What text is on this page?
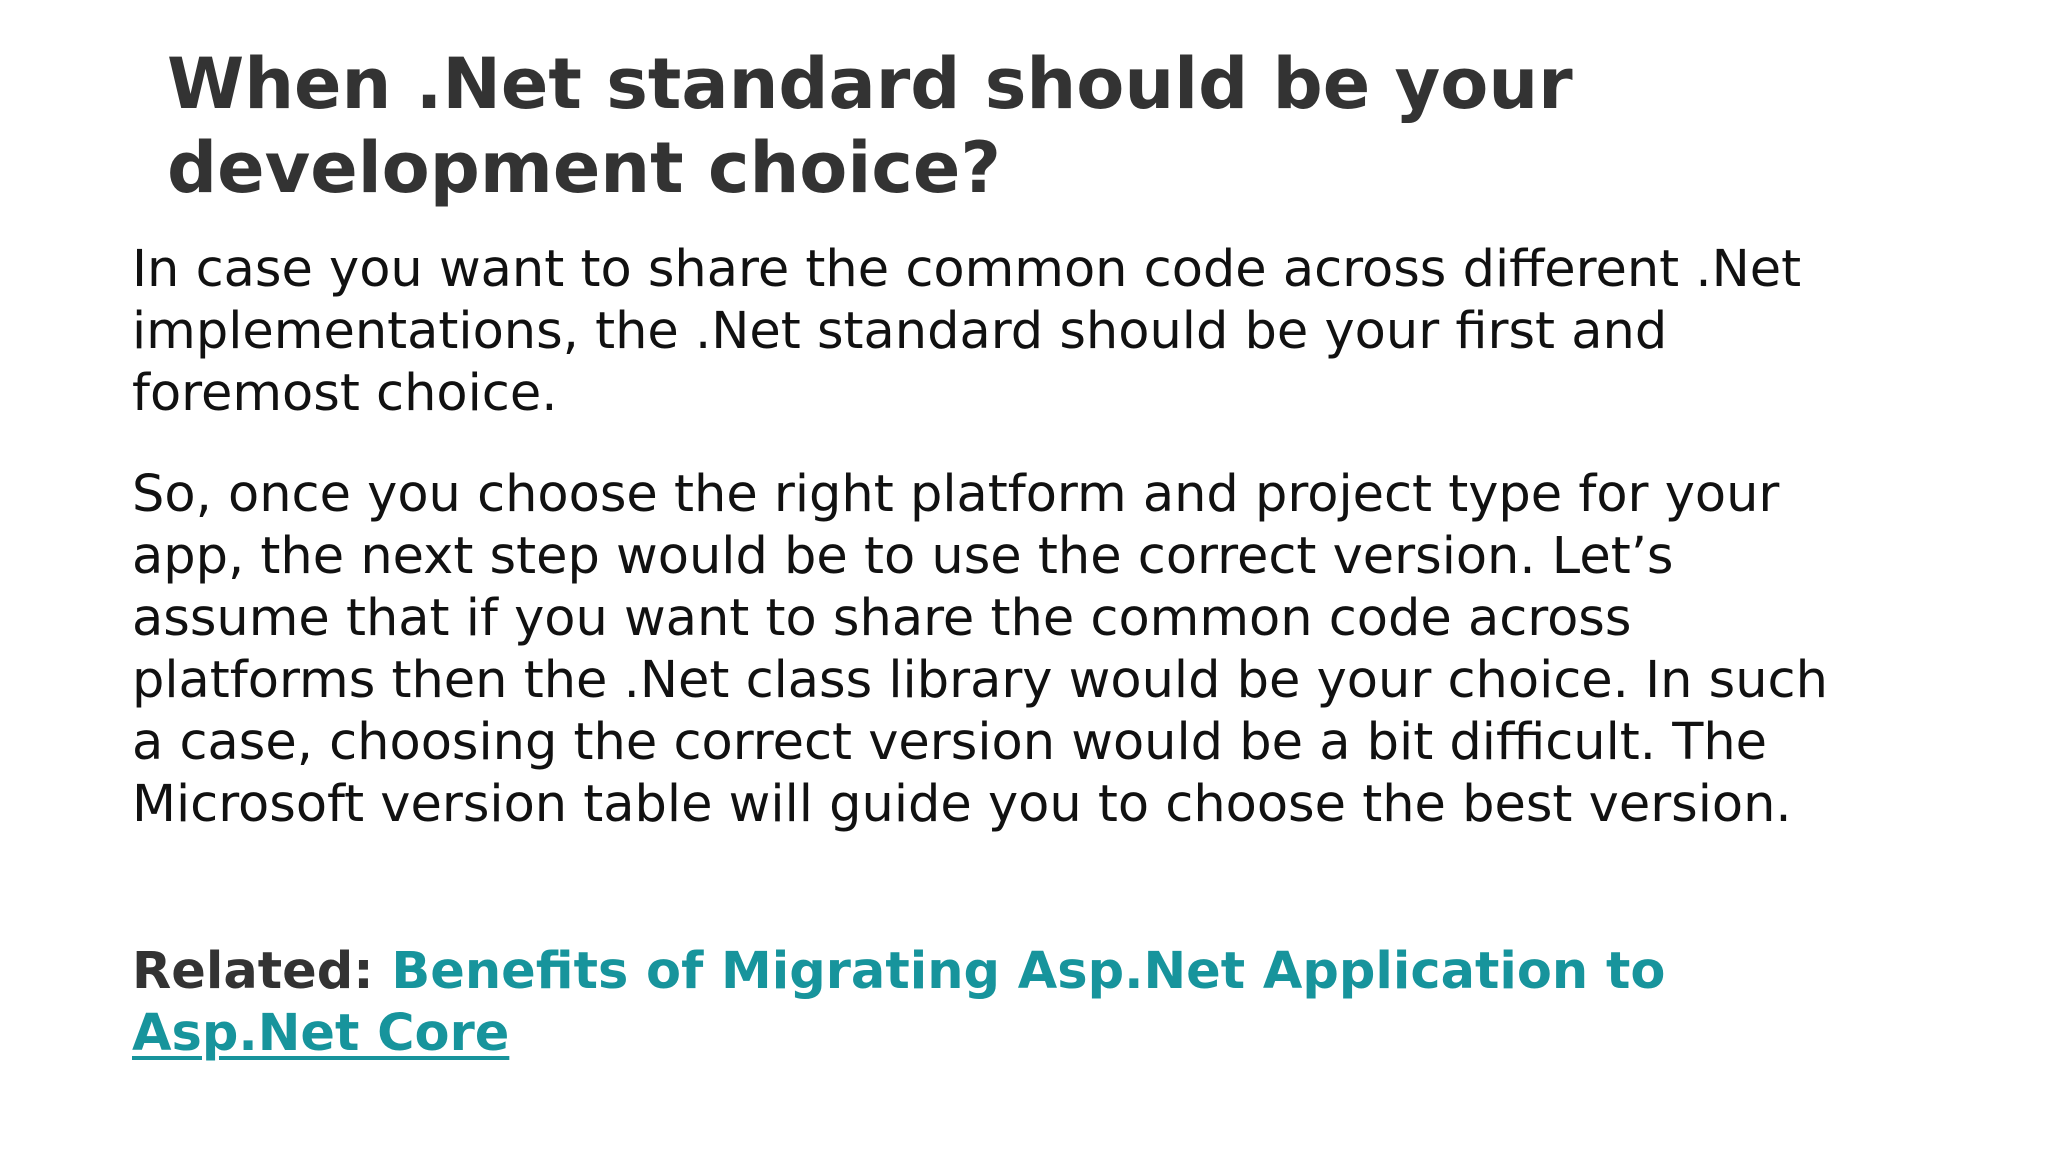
When .Net standard should be your
development choice?

In case you want to share the common code across different .Net
implementations, the .Net standard should be your first and
foremost choice.

So, once you choose the right platform and project type for your
app, the next step would be to use the correct version. Let’s
assume that if you want to share the common code across
platforms then the .Net class library would be your choice. In such
a case, choosing the correct version would be a bit difficult. The
Microsoft version table will guide you to choose the best version.

Related: Benefits of Migrating Asp.Net Application to
Asp.Net Core
